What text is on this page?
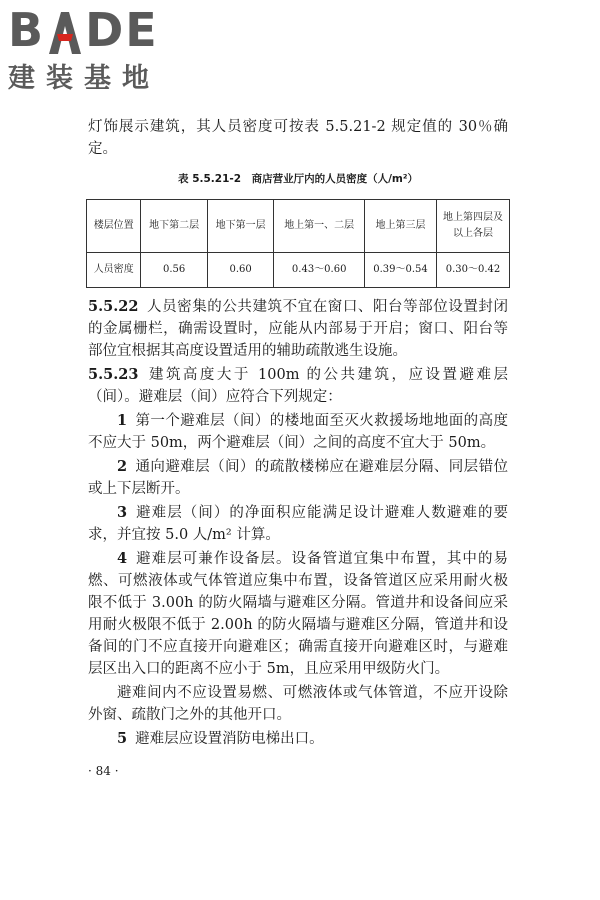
B DE
建装基地

灯饰展示建筑，其人员密度可按表 5.5.21-2 规定值的 30％确定。

表 5.5.21-2　商店营业厅内的人员密度（人/m²）
楼层位置	地下第二层	地下第一层	地上第一、二层	地上第三层	地上第四层及以上各层
人员密度	0.56	0.60	0.43～0.60	0.39～0.54	0.30～0.42

5.5.22 人员密集的公共建筑不宜在窗口、阳台等部位设置封闭的金属栅栏，确需设置时，应能从内部易于开启；窗口、阳台等部位宜根据其高度设置适用的辅助疏散逃生设施。

5.5.23 建筑高度大于 100m 的公共建筑，应设置避难层（间）。避难层（间）应符合下列规定：

1 第一个避难层（间）的楼地面至灭火救援场地地面的高度不应大于 50m，两个避难层（间）之间的高度不宜大于 50m。

2 通向避难层（间）的疏散楼梯应在避难层分隔、同层错位或上下层断开。

3 避难层（间）的净面积应能满足设计避难人数避难的要求，并宜按 5.0 人/m² 计算。

4 避难层可兼作设备层。设备管道宜集中布置，其中的易燃、可燃液体或气体管道应集中布置，设备管道区应采用耐火极限不低于 3.00h 的防火隔墙与避难区分隔。管道井和设备间应采用耐火极限不低于 2.00h 的防火隔墙与避难区分隔，管道井和设备间的门不应直接开向避难区；确需直接开向避难区时，与避难层区出入口的距离不应小于 5m，且应采用甲级防火门。

避难间内不应设置易燃、可燃液体或气体管道，不应开设除外窗、疏散门之外的其他开口。

5 避难层应设置消防电梯出口。

· 84 ·
